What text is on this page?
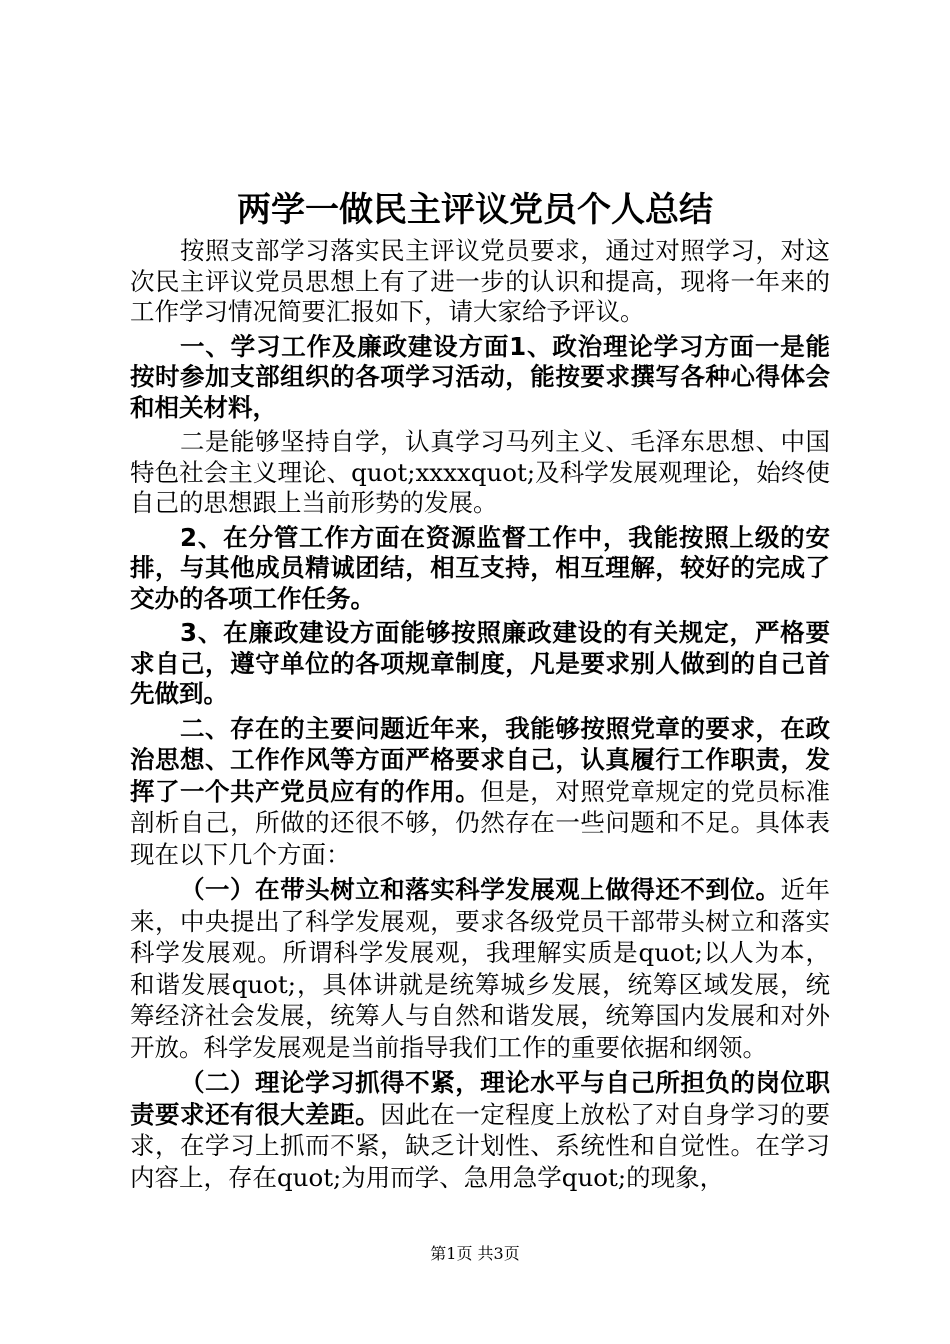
两学一做民主评议党员个人总结

按照支部学习落实民主评议党员要求，通过对照学习，对这次民主评议党员思想上有了进一步的认识和提高，现将一年来的工作学习情况简要汇报如下，请大家给予评议。

一、学习工作及廉政建设方面1、政治理论学习方面一是能按时参加支部组织的各项学习活动，能按要求撰写各种心得体会和相关材料，

二是能够坚持自学，认真学习马列主义、毛泽东思想、中国特色社会主义理论、quot;xxxxquot;及科学发展观理论，始终使自己的思想跟上当前形势的发展。

2、在分管工作方面在资源监督工作中，我能按照上级的安排，与其他成员精诚团结，相互支持，相互理解，较好的完成了交办的各项工作任务。

3、在廉政建设方面能够按照廉政建设的有关规定，严格要求自己，遵守单位的各项规章制度，凡是要求别人做到的自己首先做到。

二、存在的主要问题近年来，我能够按照党章的要求，在政治思想、工作作风等方面严格要求自己，认真履行工作职责，发挥了一个共产党员应有的作用。但是，对照党章规定的党员标准剖析自己，所做的还很不够，仍然存在一些问题和不足。具体表现在以下几个方面：

（一）在带头树立和落实科学发展观上做得还不到位。近年来，中央提出了科学发展观，要求各级党员干部带头树立和落实科学发展观。所谓科学发展观，我理解实质是quot;以人为本，和谐发展quot;，具体讲就是统筹城乡发展，统筹区域发展，统筹经济社会发展，统筹人与自然和谐发展，统筹国内发展和对外开放。科学发展观是当前指导我们工作的重要依据和纲领。

（二）理论学习抓得不紧，理论水平与自己所担负的岗位职责要求还有很大差距。因此在一定程度上放松了对自身学习的要求，在学习上抓而不紧，缺乏计划性、系统性和自觉性。在学习内容上，存在quot;为用而学、急用急学quot;的现象，

第1页 共3页
